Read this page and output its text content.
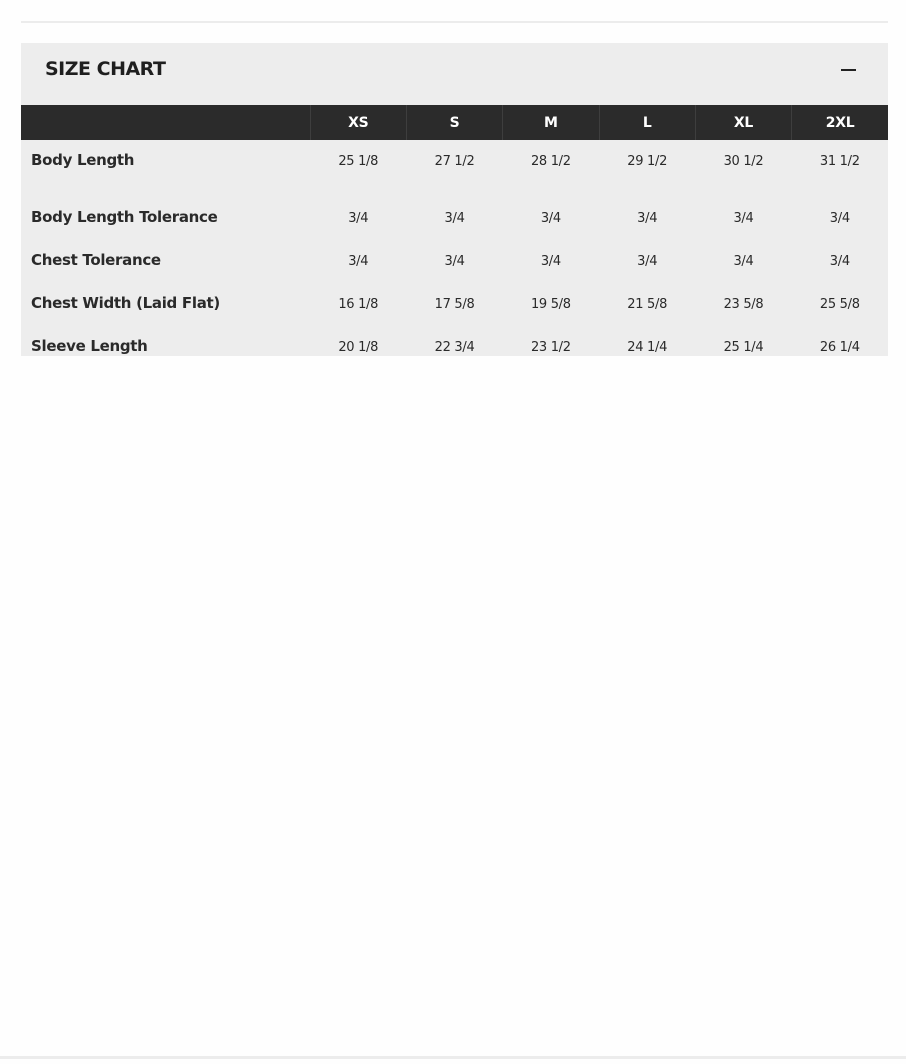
SIZE CHART
	XS	S	M	L	XL	2XL
Body Length	25 1/8	27 1/2	28 1/2	29 1/2	30 1/2	31 1/2
Body Length Tolerance	3/4	3/4	3/4	3/4	3/4	3/4
Chest Tolerance	3/4	3/4	3/4	3/4	3/4	3/4
Chest Width (Laid Flat)	16 1/8	17 5/8	19 5/8	21 5/8	23 5/8	25 5/8
Sleeve Length	20 1/8	22 3/4	23 1/2	24 1/4	25 1/4	26 1/4
